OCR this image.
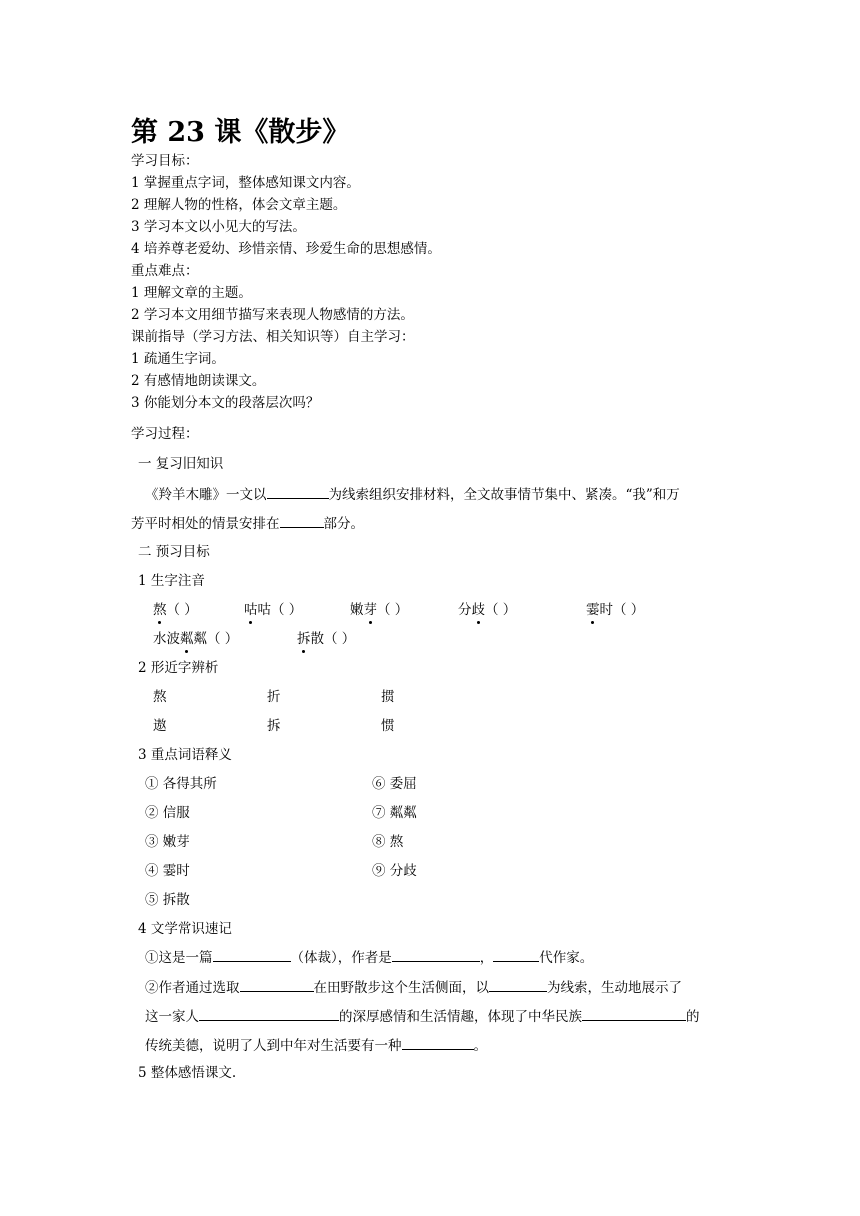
第 23 课《散步》
学习目标：
1 掌握重点字词，整体感知课文内容。
2 理解人物的性格，体会文章主题。
3 学习本文以小见大的写法。
4 培养尊老爱幼、珍惜亲情、珍爱生命的思想感情。
重点难点：
1 理解文章的主题。
2 学习本文用细节描写来表现人物感情的方法。
课前指导（学习方法、相关知识等）自主学习：
1 疏通生字词。
2 有感情地朗读课文。
3 你能划分本文的段落层次吗？
学习过程：
一 复习旧知识
《羚羊木雕》一文以	为线索组织安排材料，全文故事情节集中、紧凑。“我”和万
芳平时相处的情景安排在	部分。
二 预习目标
1 生字注音
熬（ ）	咕咕（ ）	嫩芽（ ）	分歧（ ）	霎时（ ）
水波粼粼（ ）	拆散（ ）
2 形近字辨析
熬	折	掼
遨	拆	惯
3 重点词语释义
① 各得其所
② 信服
③ 嫩芽
④ 霎时
⑤ 拆散
⑥ 委屈
⑦ 粼粼
⑧ 熬
⑨ 分歧
4 文学常识速记
①这是一篇	（体裁），作者是	，	代作家。
②作者通过选取	在田野散步这个生活侧面，以	为线索，生动地展示了
这一家人	的深厚感情和生活情趣，体现了中华民族	的
传统美德，说明了人到中年对生活要有一种	。
5 整体感悟课文.
